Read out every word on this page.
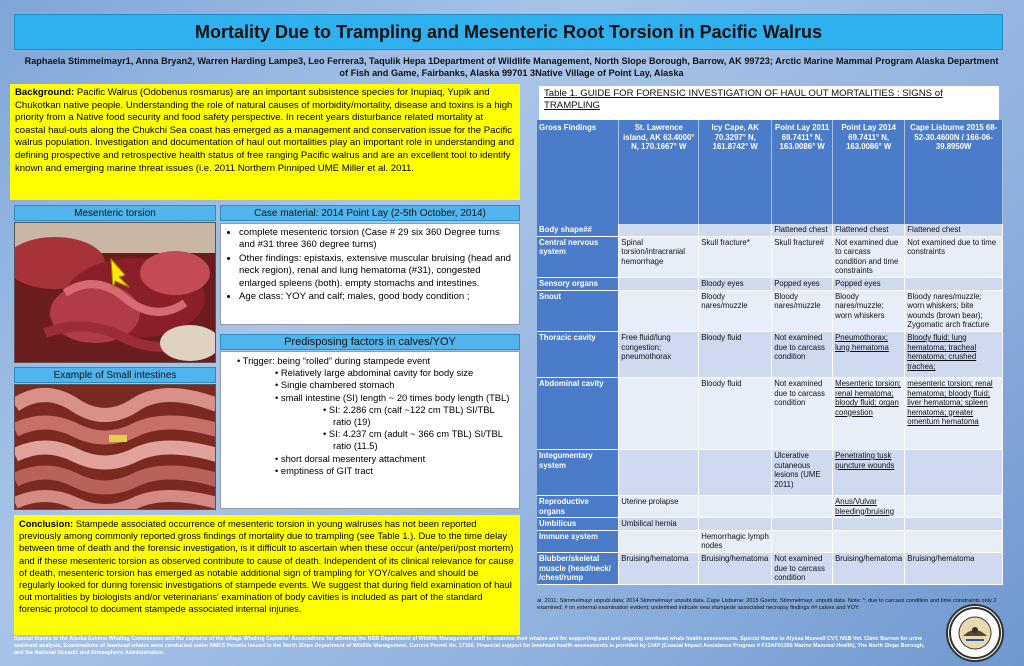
Mortality Due to Trampling and Mesenteric Root Torsion in Pacific Walrus
Raphaela Stimmelmayr1, Anna Bryan2, Warren Harding Lampe3, Leo Ferrera3, Taqulik Hepa 1Department of Wildlife Management, North Slope Borough, Barrow, AK 99723; Arctic Marine Mammal Program Alaska Department of Fish and Game, Fairbanks, Alaska 99701 3Native Village of Point Lay, Alaska
Background: Pacific Walrus (Odobenus rosmarus) are an important subsistence species for Inupiaq, Yupik and Chukotkan native people. Understanding the role of natural causes of morbidity/mortality, disease and toxins is a high priority from a Native food security and food safety perspective. In recent years disturbance related mortality at coastal haul-outs along the Chukchi Sea coast has emerged as a management and conservation issue for the Pacific walrus population. Investigation and documentation of haul out mortalities play an important role in understanding and defining prospective and retrospective health status of free ranging Pacific walrus and are an excellent tool to identify known and emerging marine threat issues (i.e. 2011 Northern Pinniped UME Miller et al. 2011.
Mesenteric torsion
Example of Small intestines
Case material: 2014 Point Lay (2-5th October, 2014)
• complete mesenteric torsion (Case # 29 six 360 Degree turns and #31 three 360 degree turns)
• Other findings: epistaxis, extensive muscular bruising (head and neck region), renal and lung hematoma (#31), congested enlarged spleens (both). empty stomachs and intestines.
• Age class: YOY and calf; males, good body condition ;
Predisposing factors in calves/YOY
• Trigger: being “rolled” during stampede event
• Relatively large abdominal cavity for body size
• Single chambered stomach
• small intestine (SI) length ~ 20 times body length (TBL)
• SI: 2.286 cm (calf ~122 cm TBL) SI/TBL ratio (19)
• SI: 4.237 cm (adult ~ 366 cm TBL) SI/TBL ratio (11.5)
• short dorsal mesentery attachment
• emptiness of GIT tract
Conclusion: Stampede associated occurrence of mesenteric torsion in young walruses has not been reported previously among commonly reported gross findings of mortality due to trampling (see Table 1.). Due to the time delay between time of death and the forensic investigation, is it difficult to ascertain when these occur (ante/peri/post mortem) and if these mesenteric torsion as observed contribute to cause of death. Independent of its clinical relevance for cause of death, mesenteric torsion has emerged as notable additional sign of trampling for YOY/calves and should be regularly looked for during forensic investigations of stampede events. We suggest that during field examination of haul out mortalities by biologists and/or veterinarians' examination of body cavities is included as part of the standard forensic protocol to document stampede associated internal injuries.
Table 1. GUIDE FOR FORENSIC INVESTIGATION OF HAUL OUT MORTALITIES : SIGNS of TRAMPLING
Gross Findings	St. Lawrence island, AK 63.4000° N, 170.1667° W	Icy Cape, AK 70.3297° N, 161.8742° W	Point Lay 2011 69.7411° N, 163.0086° W	Point Lay 2014 69.7411° N, 163.0086° W	Cape Lisburne 2015 68-52-30.4600N / 166-06-39.8950W
Body shape##			Flattened chest	Flattened chest	Flattened chest
Central nervous system	Spinal torsion/intracranial hemorrhage	Skull fracture*	Skull fracture#	Not examined due to carcass condition and time constraints	Not examined due to time constraints
Sensory organs		Bloody eyes	Popped eyes	Popped eyes	
Snout		Bloody nares/muzzle	Bloody nares/muzzle	Bloody nares/muzzle; worn whiskers	Bloody nares/muzzle; worn whiskers; bite wounds (brown bear); Zygomatic arch fracture
Thoracic cavity	Free fluid/lung congestion; pneumothorax	Bloody fluid	Not examined due to carcass condition	Pneumothorax; lung hematoma	Bloody fluid; lung hematoma; tracheal hematoma; crushed trachea;
Abdominal cavity		Bloody fluid	Not examined due to carcass condition	Mesenteric torsion; renal hematoma; bloody fluid; organ congestion	mesenteric torsion; renal hematoma; bloody fluid; liver hematoma; spleen hematoma; greater omentum hematoma
Integumentary system			Ulcerative cutaneous lesions (UME 2011)	Penetrating tusk puncture wounds	
Reproductive organs	Uterine prolapse			Anus/Vulvar bleeding/bruising	
Umbilicus	Umbilical hernia				
Immune system		Hemorrhagic lymph nodes			
Blubber/skeletal muscle (head/neck/ /chest/rump	Bruising/hematoma	Bruising/hematoma	Not examined due to carcass condition	Bruising/hematoma	Bruising/hematoma
al. 2011; Stimmelmayr unpubl.data; 2014 Stimmelmayr unpubl.data. Cape Lisburne: 2015 Goertz, Stimmelmayr, unpubl.data. Note: *; due to carcass condition and time constraints only 2 examined; # on external examination evident; underlined indicate new stampede associated necropsy findings ## calves and YOY.
Special thanks to the Alaska Eskimo Whaling Commission and the captains of the village Whaling Captains' Associations for allowing the NSB Department of Wildlife Management staff to examine their whales and for supporting past and ongoing bowhead whale health assessments. Special thanks to Alyssa Maxwell CVT, NSB Vet. Clinic Barrow for urine sediment analysis. Examinations of bowhead whales were conducted under NMFS Permits issued to the North Slope Department of Wildlife Management. Current Permit No. 17350. Financial support for bowhead health assessments is provided by CIAP (Coastal Impact Assistance Program # F12AF01265 Marine Mammal Health), The North Slope Borough, and the National Oceanic and Atmospheric Administration.
